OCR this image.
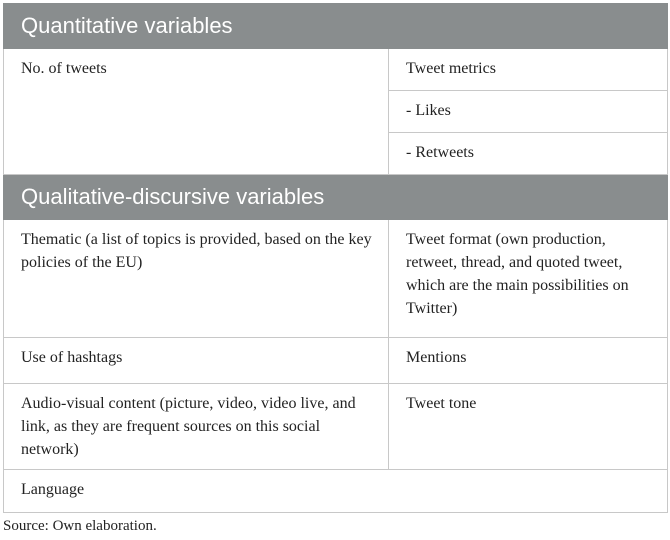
Quantitative variables	
No. of tweets	Tweet metrics
	- Likes
	- Retweets
Qualitative-discursive variables	
Thematic (a list of topics is provided, based on the key policies of the EU)	Tweet format (own production, retweet, thread, and quoted tweet, which are the main possibilities on Twitter)
Use of hashtags	Mentions
Audio-visual content (picture, video, video live, and link, as they are frequent sources on this social network)	Tweet tone
Language	
Source: Own elaboration.
